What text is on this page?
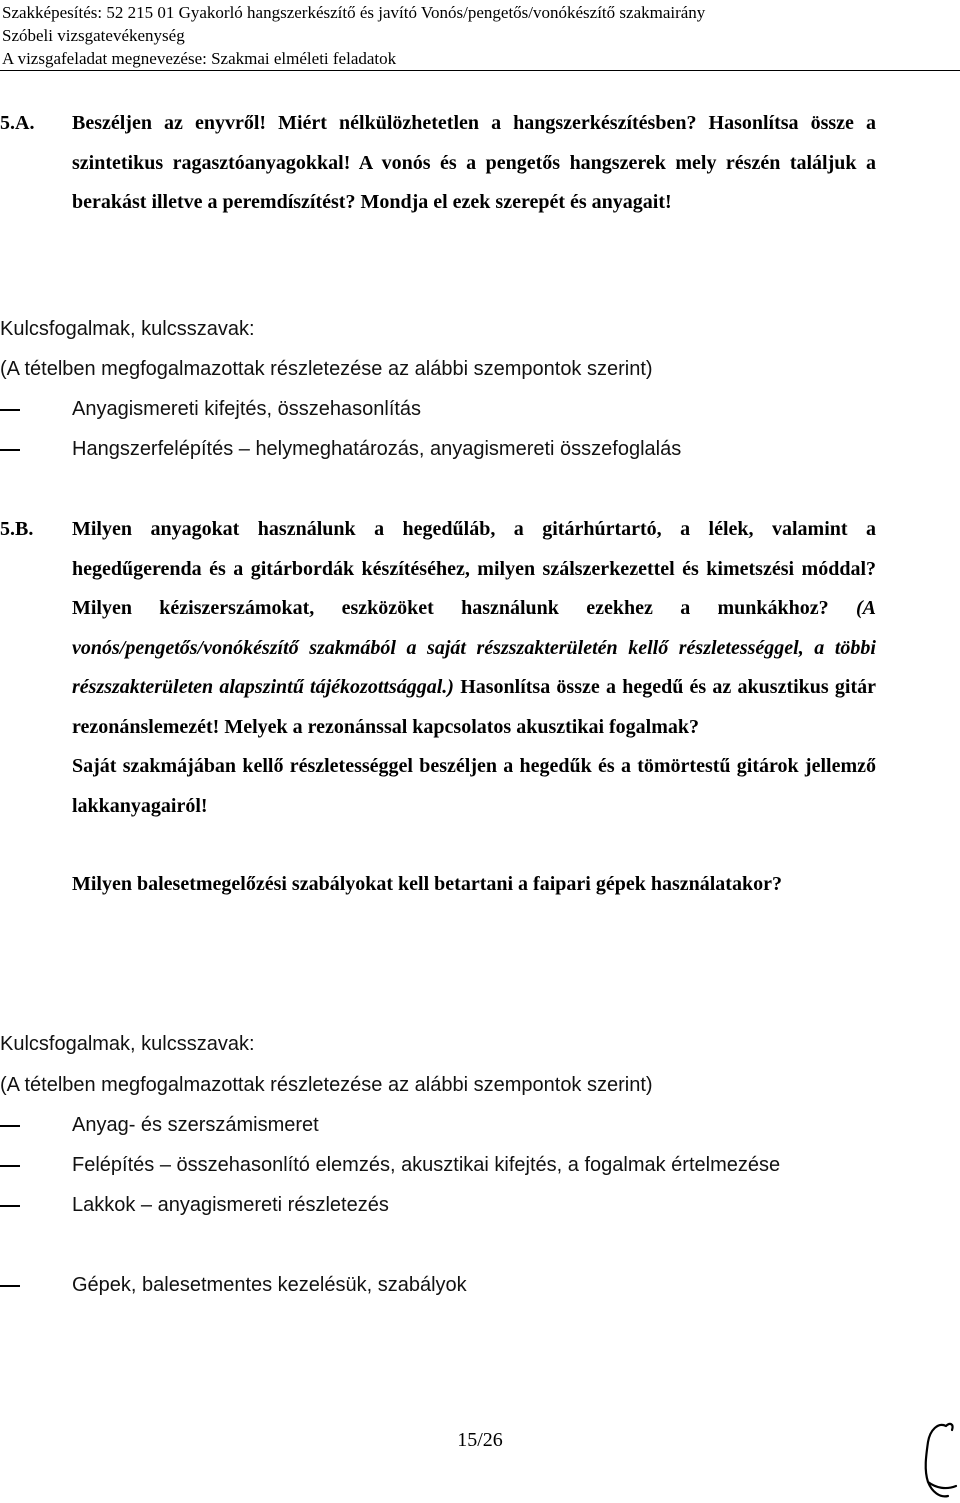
Szakképesítés: 52 215 01 Gyakorló hangszerkészítő és javító Vonós/pengetős/vonókészítő szakmairány
Szóbeli vizsgatevékenység
A vizsgafeladat megnevezése: Szakmai elméleti feladatok
5.A. Beszéljen az enyvről! Miért nélkülözhetetlen a hangszerkészítésben? Hasonlítsa össze a szintetikus ragasztóanyagokkal! A vonós és a pengetős hangszerek mely részén találjuk a berakást illetve a peremdíszítést? Mondja el ezek szerepét és anyagait!
Kulcsfogalmak, kulcsszavak:
(A tételben megfogalmazottak részletezése az alábbi szempontok szerint)
Anyagismereti kifejtés, összehasonlítás
Hangszerfelépítés – helymeghatározás, anyagismereti összefoglalás
5.B. Milyen anyagokat használunk a hegedűláb, a gitárhúrtartó, a lélek, valamint a hegedűgerenda és a gitárbordák készítéséhez, milyen szálszerkezettel és kimetszési móddal? Milyen kéziszerszámokat, eszközöket használunk ezekhez a munkákhoz? (A vonós/pengetős/vonókészítő szakmából a saját részszakterületén kellő részletességgel, a többi részszakterületen alapszintű tájékozottsággal.) Hasonlítsa össze a hegedű és az akusztikus gitár rezonánslemezét! Melyek a rezonánssal kapcsolatos akusztikai fogalmak?
Saját szakmájában kellő részletességgel beszéljen a hegedűk és a tömörtestű gitárok jellemző lakkanyagairól!
Milyen balesetmegelőzési szabályokat kell betartani a faipari gépek használatakor?
Kulcsfogalmak, kulcsszavak:
(A tételben megfogalmazottak részletezése az alábbi szempontok szerint)
Anyag- és szerszámismeret
Felépítés – összehasonlító elemzés, akusztikai kifejtés, a fogalmak értelmezése
Lakkok – anyagismereti részletezés
Gépek, balesetmentes kezelésük, szabályok
15/26
